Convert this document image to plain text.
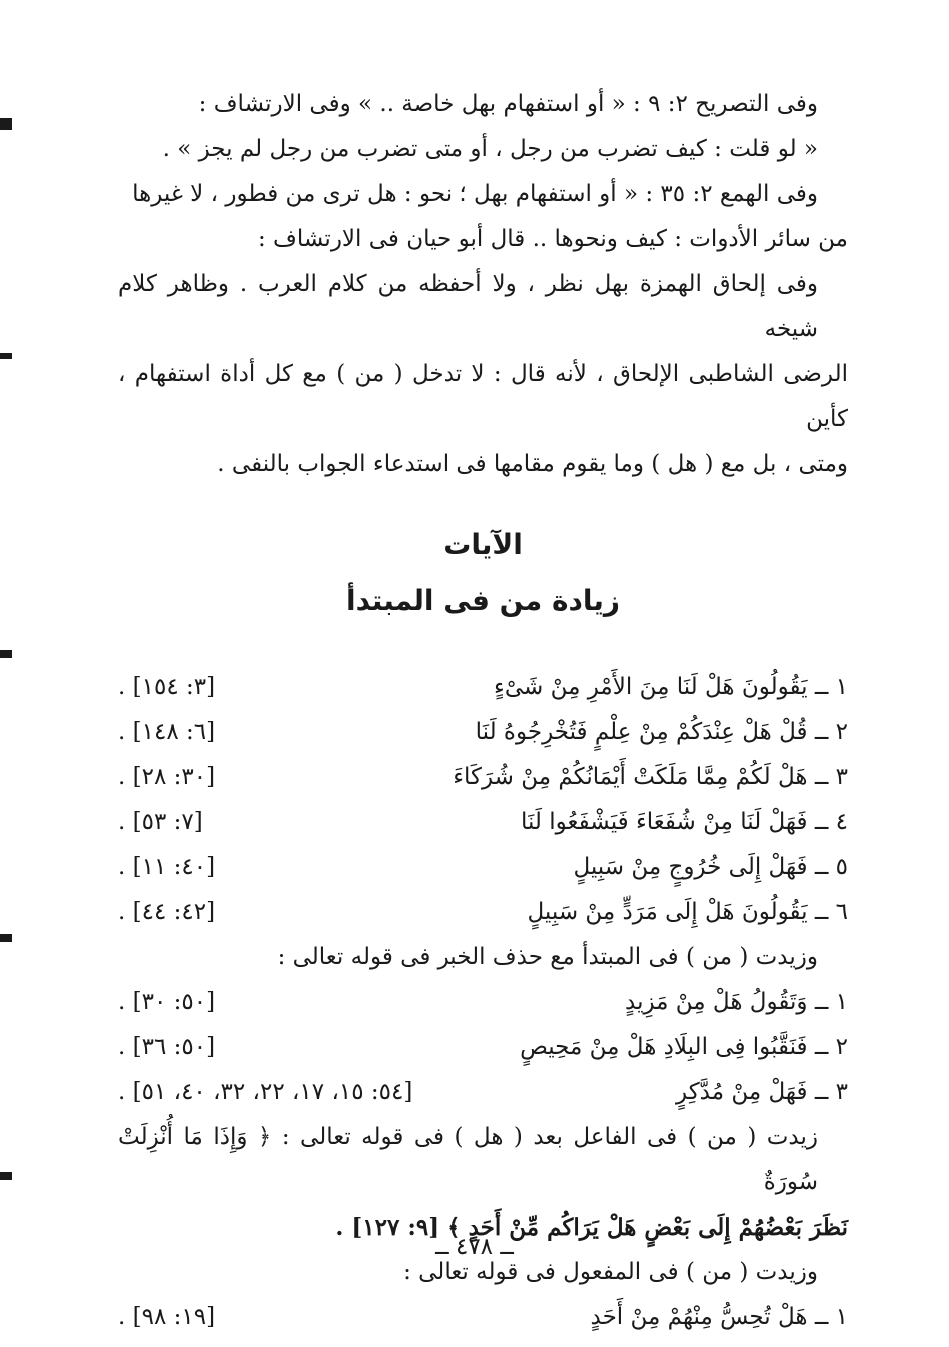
وفى التصريح ٢: ٩ : « أو استفهام بهل خاصة .. » وفى الارتشاف :

« لو قلت : كيف تضرب من رجل ، أو متى تضرب من رجل لم يجز » .

وفى الهمع ٢: ٣٥ : « أو استفهام بهل ؛ نحو : هل ترى من فطور ، لا غيرها

من سائر الأدوات : كيف ونحوها .. قال أبو حيان فى الارتشاف :

وفى إلحاق الهمزة بهل نظر ، ولا أحفظه من كلام العرب . وظاهر كلام شيخه

الرضى الشاطبى الإلحاق ، لأنه قال : لا تدخل ( من ) مع كل أداة استفهام ، كأين

ومتى ، بل مع ( هل ) وما يقوم مقامها فى استدعاء الجواب بالنفى .

الآيات
زيادة من فى المبتدأ
١ ــ يَقُولُونَ هَلْ لَنَا مِنَ الأَمْرِ مِنْ شَىْءٍ
[٣: ١٥٤] .
٢ ــ قُلْ هَلْ عِنْدَكُمْ مِنْ عِلْمٍ فَتُخْرِجُوهُ لَنَا
[٦: ١٤٨] .
٣ ــ هَلْ لَكُمْ مِمَّا مَلَكَتْ أَيْمَانُكُمْ مِنْ شُرَكَاءَ
[٣٠: ٢٨] .
٤ ــ فَهَلْ لَنَا مِنْ شُفَعَاءَ فَيَشْفَعُوا لَنَا
[٧: ٥٣] .
٥ ــ فَهَلْ إِلَى خُرُوجٍ مِنْ سَبِيلٍ
[٤٠: ١١] .
٦ ــ يَقُولُونَ هَلْ إِلَى مَرَدٍّ مِنْ سَبِيلٍ
[٤٢: ٤٤] .

وزيدت ( من ) فى المبتدأ مع حذف الخبر فى قوله تعالى :

١ ــ وَتَقُولُ هَلْ مِنْ مَزِيدٍ
[٥٠: ٣٠] .
٢ ــ فَنَقَّبُوا فِى البِلَادِ هَلْ مِنْ مَحِيصٍ
[٥٠: ٣٦] .
٣ ــ فَهَلْ مِنْ مُدَّكِرٍ
[٥٤: ١٥، ١٧، ٢٢، ٣٢، ٤٠، ٥١] .

زيدت ( من ) فى الفاعل بعد ( هل ) فى قوله تعالى : ﴿ وَإِذَا مَا أُنْزِلَتْ سُورَةٌ

نَظَرَ بَعْضُهُمْ إِلَى بَعْضٍ هَلْ يَرَاكُم مِّنْ أَحَدٍ ﴾ [٩: ١٢٧] .

وزيدت ( من ) فى المفعول فى قوله تعالى :

١ ــ هَلْ تُحِسُّ مِنْهُمْ مِنْ أَحَدٍ
[١٩: ٩٨] .
ــ ٤٧٨ ــ
